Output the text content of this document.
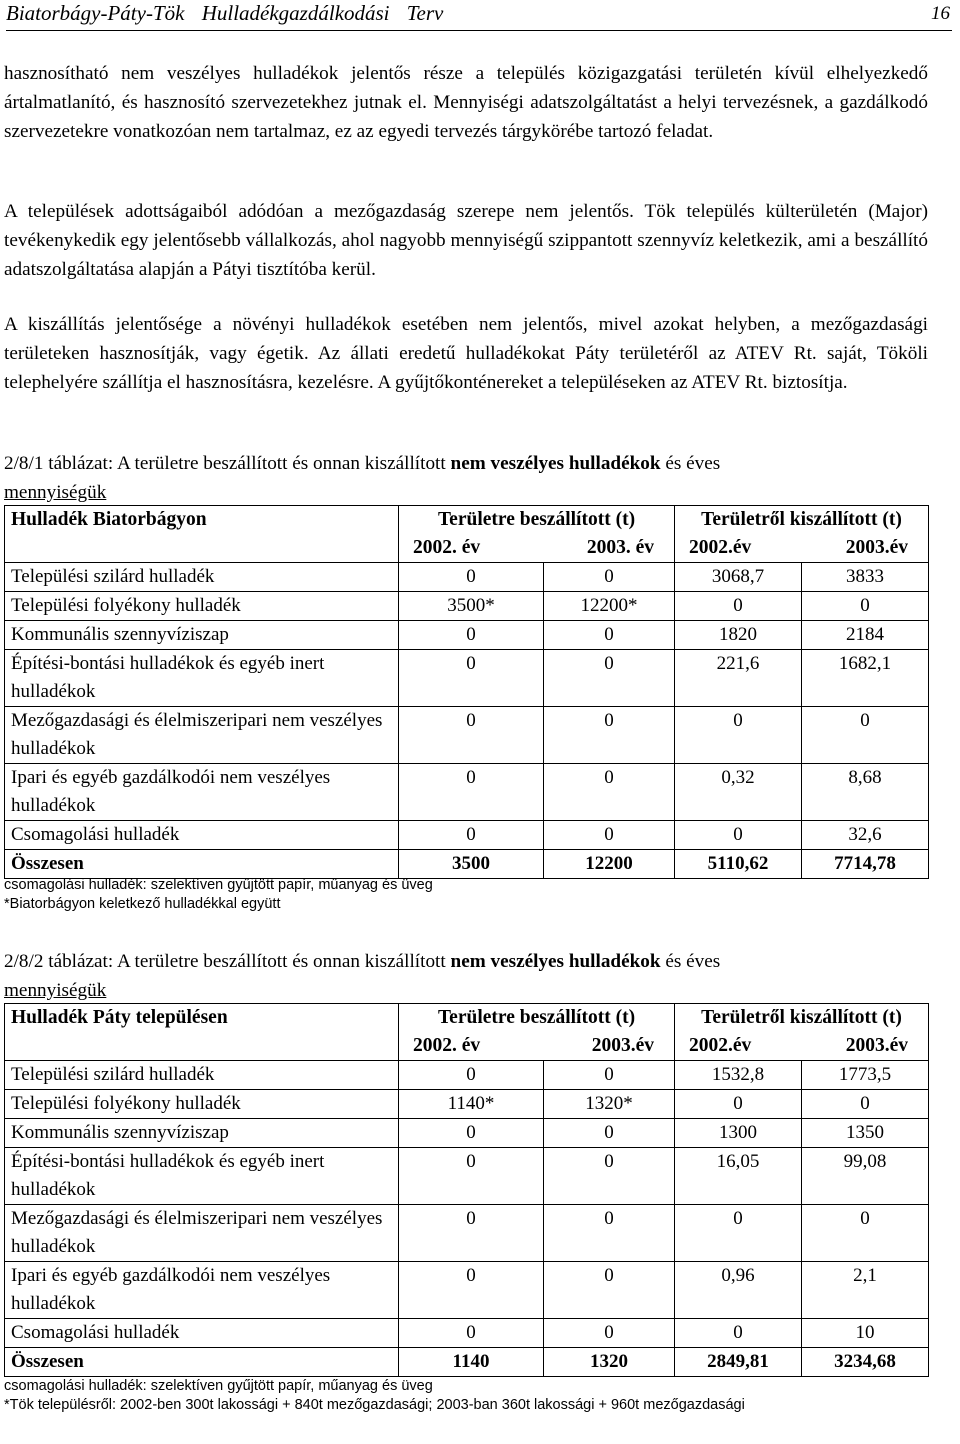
Biatorbágy-Páty-Tök Hulladékgazdálkodási Terv	16

hasznosítható nem veszélyes hulladékok jelentős része a település közigazgatási területén kívül elhelyezkedő ártalmatlanító, és hasznosító szervezetekhez jutnak el. Mennyiségi adatszolgáltatást a helyi tervezésnek, a gazdálkodó szervezetekre vonatkozóan nem tartalmaz, ez az egyedi tervezés tárgykörébe tartozó feladat.

A települések adottságaiból adódóan a mezőgazdaság szerepe nem jelentős. Tök település külterületén (Major) tevékenykedik egy jelentősebb vállalkozás, ahol nagyobb mennyiségű szippantott szennyvíz keletkezik, ami a beszállító adatszolgáltatása alapján a Pátyi tisztítóba kerül.

A kiszállítás jelentősége a növényi hulladékok esetében nem jelentős, mivel azokat helyben, a mezőgazdasági területeken hasznosítják, vagy égetik. Az állati eredetű hulladékokat Páty területéről az ATEV Rt. saját, Tököli telephelyére szállítja el hasznosításra, kezelésre. A gyűjtőkonténereket a településeken az ATEV Rt. biztosítja.

2/8/1 táblázat: A területre beszállított és onnan kiszállított nem veszélyes hulladékok és éves
mennyiségük

Hulladék Biatorbágyon	Területre beszállított (t)		Területről kiszállított (t)	

	2002. év 2003. év		2002.év 2003.év	

Települési szilárd hulladék	0	0	3068,7	3833
Települési folyékony hulladék	3500*	12200*	0	0
Kommunális szennyvíziszap	0	0	1820	2184
Építési-bontási hulladékok és egyéb inert hulladékok	0	0	221,6	1682,1
Mezőgazdasági és élelmiszeripari nem veszélyes hulladékok	0	0	0	0
Ipari és egyéb gazdálkodói nem veszélyes hulladékok	0	0	0,32	8,68
Csomagolási hulladék	0	0	0	32,6
Összesen	3500	12200	5110,62	7714,78
csomagolási hulladék: szelektíven gyűjtött papír, műanyag és üveg
*Biatorbágyon keletkező hulladékkal együtt

2/8/2 táblázat: A területre beszállított és onnan kiszállított nem veszélyes hulladékok és éves
mennyiségük

Hulladék Páty településen	Területre beszállított (t)		Területről kiszállított (t)	

	2002. év 2003.év		2002.év 2003.év	

Települési szilárd hulladék	0	0	1532,8	1773,5
Települési folyékony hulladék	1140*	1320*	0	0
Kommunális szennyvíziszap	0	0	1300	1350
Építési-bontási hulladékok és egyéb inert hulladékok	0	0	16,05	99,08
Mezőgazdasági és élelmiszeripari nem veszélyes hulladékok	0	0	0	0
Ipari és egyéb gazdálkodói nem veszélyes hulladékok	0	0	0,96	2,1
Csomagolási hulladék	0	0	0	10
Összesen	1140	1320	2849,81	3234,68
csomagolási hulladék: szelektíven gyűjtött papír, műanyag és üveg
*Tök településről: 2002-ben 300t lakossági + 840t mezőgazdasági; 2003-ban 360t lakossági + 960t mezőgazdasági
